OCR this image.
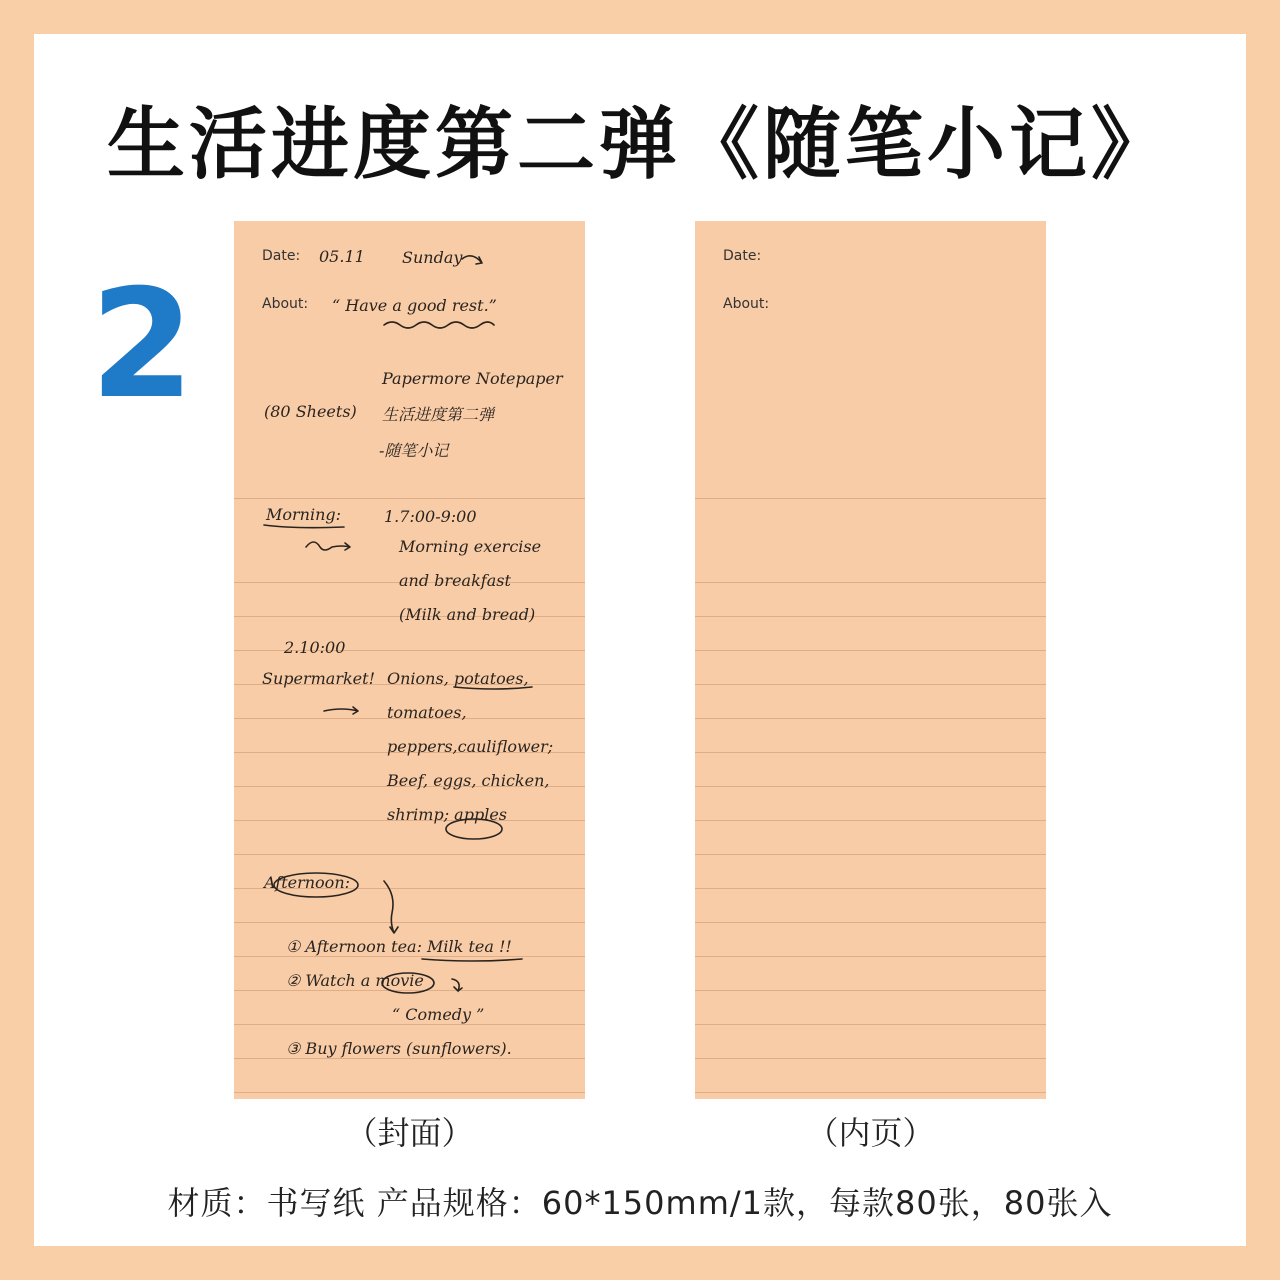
生活进度第二弹《随笔小记》
2
Date:
About:
05.11 Sunday
“ Have a good rest.”
Papermore Notepaper
(80 Sheets) 生活进度第二弹
-随笔小记
Morning:	1.7:00-9:00
Morning exercise
and breakfast
(Milk and bread)
2.10:00
Supermarket! Onions, potatoes,
tomatoes,
peppers,cauliflower;
Beef, eggs, chicken,
shrimp; apples
Afternoon:
① Afternoon tea: Milk tea !!
② Watch a movie
“ Comedy ”
③ Buy flowers (sunflowers).
Date:
About:
（封面）	（内页）
材质：书写纸 产品规格：60*150mm/1款，每款80张，80张入
